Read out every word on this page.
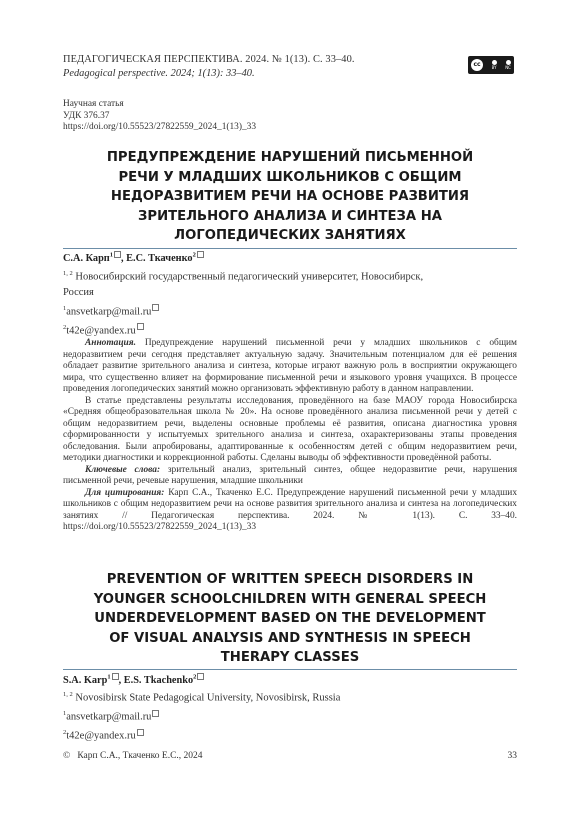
ПЕДАГОГИЧЕСКАЯ ПЕРСПЕКТИВА. 2024. № 1(13). С. 33–40.
Pedagogical perspective. 2024; 1(13): 33–40.
cc	BY NC
Научная статья
УДК 376.37
https://doi.org/10.55523/27822559_2024_1(13)_33
ПРЕДУПРЕЖДЕНИЕ НАРУШЕНИЙ ПИСЬМЕННОЙ
РЕЧИ У МЛАДШИХ ШКОЛЬНИКОВ С ОБЩИМ
НЕДОРАЗВИТИЕМ РЕЧИ НА ОСНОВЕ РАЗВИТИЯ
ЗРИТЕЛЬНОГО АНАЛИЗА И СИНТЕЗА НА
ЛОГОПЕДИЧЕСКИХ ЗАНЯТИЯХ
С.А. Карп$^1$ , Е.С. Ткаченко$^2$
$^{1, 2}$ Новосибирский государственный педагогический университет, Новосибирск,
Россия
$^1$ansvetkarp@mail.ru
$^2$t42e@yandex.ru

Аннотация. Предупреждение нарушений письменной речи у младших школьников с общим недоразвитием речи сегодня представляет актуальную задачу. Значительным потенциалом для её решения обладает развитие зрительного анализа и синтеза, которые играют важную роль в восприятии окружающего мира, что существенно влияет на формирование письменной речи и языкового уровня учащихся. В процессе проведения логопедических занятий можно организовать эффективную работу в данном направлении.

В статье представлены результаты исследования, проведённого на базе МАОУ города Новосибирска «Средняя общеобразовательная школа № 20». На основе проведённого анализа письменной речи у детей с общим недоразвитием речи, выделены основные проблемы её развития, описана диагностика уровня сформированности у испытуемых зрительного анализа и синтеза, охарактеризованы этапы проведения обследования. Были апробированы, адаптированные к особенностям детей с общим недоразвитием речи, методики диагностики и коррекционной работы. Сделаны выводы об эффективности проведённой работы.

Ключевые слова: зрительный анализ, зрительный синтез, общее недоразвитие речи, нарушения письменной речи, речевые нарушения, младшие школьники

Для цитирования: Карп С.А., Ткаченко Е.С. Предупреждение нарушений письменной речи у младших школьников с общим недоразвитием речи на основе развития зрительного анализа и синтеза на логопедических занятиях // Педагогическая перспектива. 2024. № 1(13). С. 33–40. https://doi.org/10.55523/27822559_2024_1(13)_33

PREVENTION OF WRITTEN SPEECH DISORDERS IN
YOUNGER SCHOOLCHILDREN WITH GENERAL SPEECH
UNDERDEVELOPMENT BASED ON THE DEVELOPMENT
OF VISUAL ANALYSIS AND SYNTHESIS IN SPEECH
THERAPY CLASSES
S.A. Karp$^1$ , E.S. Tkachenko$^2$
$^{1, 2}$ Novosibirsk State Pedagogical University, Novosibirsk, Russia
$^1$ansvetkarp@mail.ru
$^2$t42e@yandex.ru
© Карп С.А., Ткаченко Е.С., 2024	33
